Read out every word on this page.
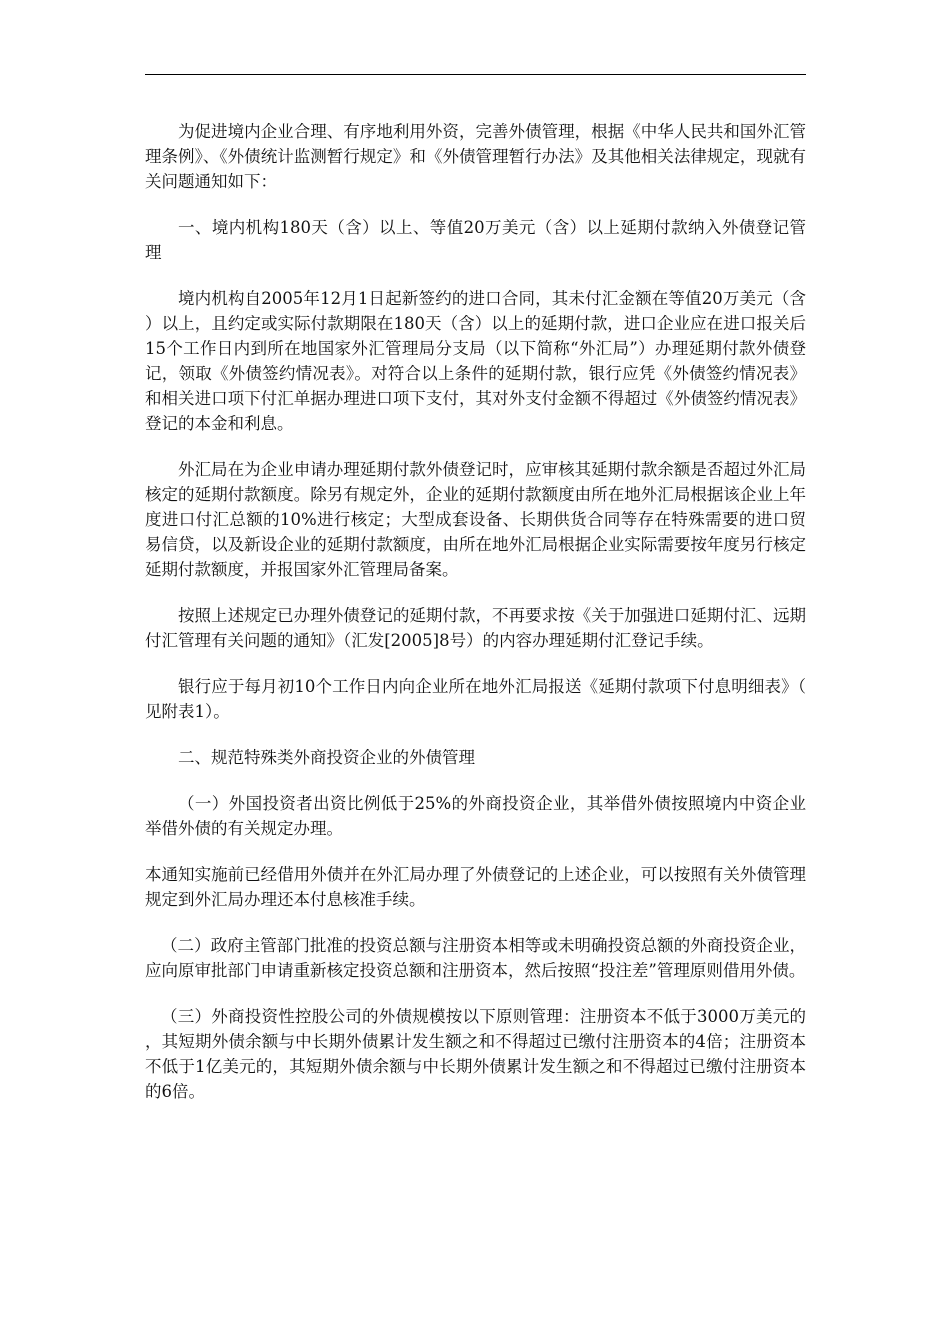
为促进境内企业合理、有序地利用外资，完善外债管理，根据《中华人民共和国外汇管理条例》、《外债统计监测暂行规定》和《外债管理暂行办法》及其他相关法律规定，现就有关问题通知如下：

一、境内机构180天（含）以上、等值20万美元（含）以上延期付款纳入外债登记管理

境内机构自2005年12月1日起新签约的进口合同，其未付汇金额在等值20万美元（含）以上，且约定或实际付款期限在180天（含）以上的延期付款，进口企业应在进口报关后15个工作日内到所在地国家外汇管理局分支局（以下简称“外汇局”）办理延期付款外债登记，领取《外债签约情况表》。对符合以上条件的延期付款，银行应凭《外债签约情况表》和相关进口项下付汇单据办理进口项下支付，其对外支付金额不得超过《外债签约情况表》登记的本金和利息。

外汇局在为企业申请办理延期付款外债登记时，应审核其延期付款余额是否超过外汇局核定的延期付款额度。除另有规定外，企业的延期付款额度由所在地外汇局根据该企业上年度进口付汇总额的10%进行核定；大型成套设备、长期供货合同等存在特殊需要的进口贸易信贷，以及新设企业的延期付款额度，由所在地外汇局根据企业实际需要按年度另行核定延期付款额度，并报国家外汇管理局备案。

按照上述规定已办理外债登记的延期付款，不再要求按《关于加强进口延期付汇、远期付汇管理有关问题的通知》（汇发[2005]8号）的内容办理延期付汇登记手续。

银行应于每月初10个工作日内向企业所在地外汇局报送《延期付款项下付息明细表》（见附表1）。

二、规范特殊类外商投资企业的外债管理

（一）外国投资者出资比例低于25%的外商投资企业，其举借外债按照境内中资企业举借外债的有关规定办理。

本通知实施前已经借用外债并在外汇局办理了外债登记的上述企业，可以按照有关外债管理规定到外汇局办理还本付息核准手续。

（二）政府主管部门批准的投资总额与注册资本相等或未明确投资总额的外商投资企业，应向原审批部门申请重新核定投资总额和注册资本，然后按照“投注差”管理原则借用外债。

（三）外商投资性控股公司的外债规模按以下原则管理：注册资本不低于3000万美元的，其短期外债余额与中长期外债累计发生额之和不得超过已缴付注册资本的4倍；注册资本不低于1亿美元的，其短期外债余额与中长期外债累计发生额之和不得超过已缴付注册资本的6倍。
